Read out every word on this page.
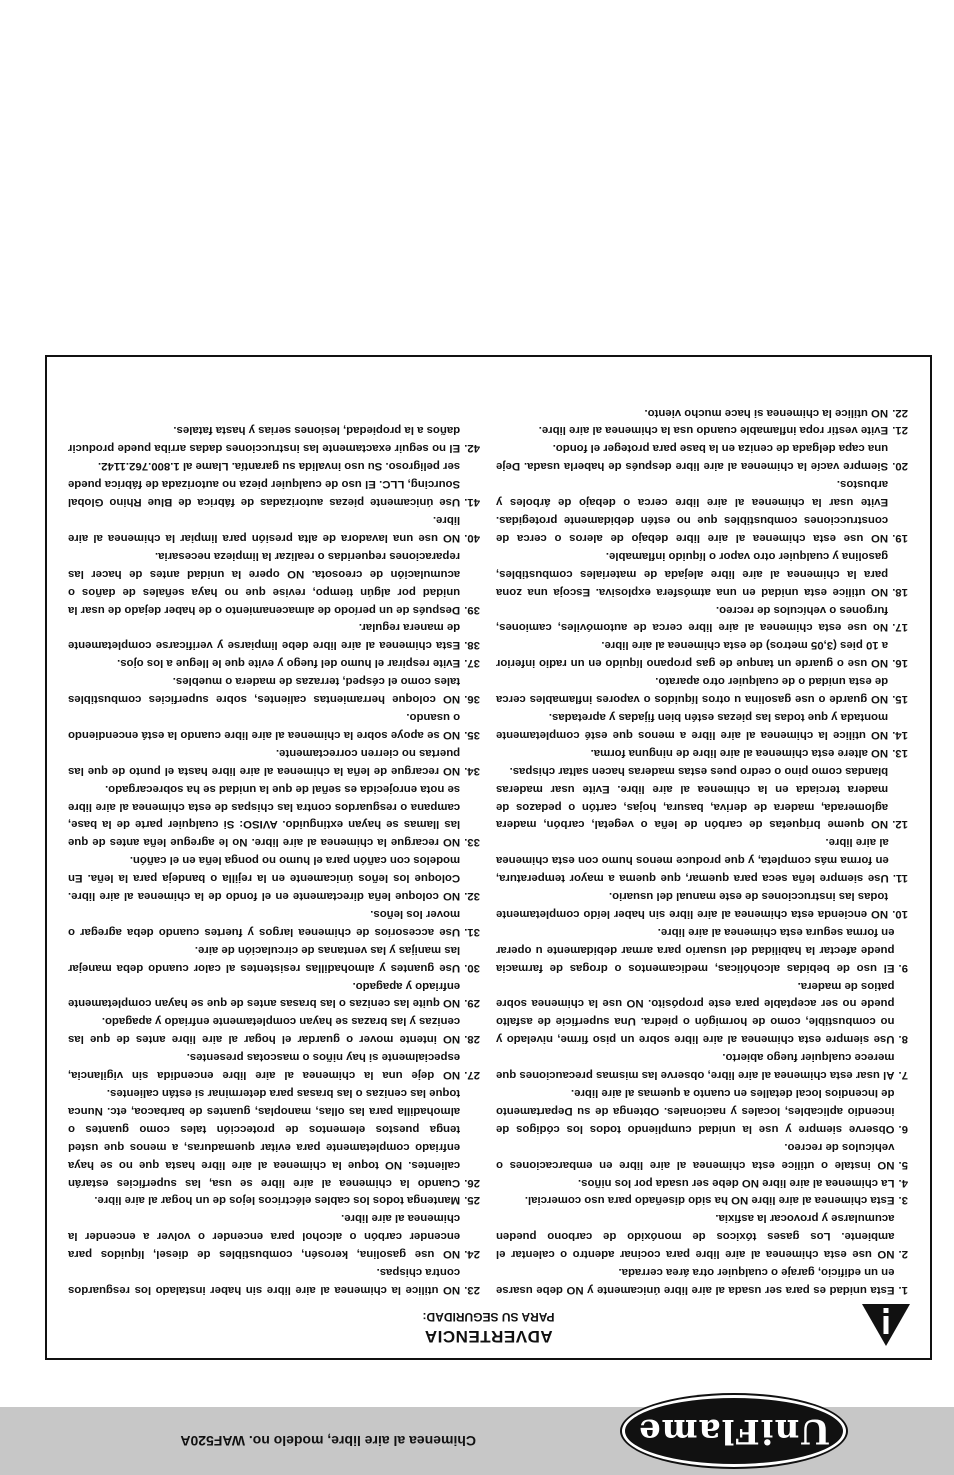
UniFlame
Chimenea al aire libre, modelo no. WAF520A
ADVERTENCIA
PARA SU SEGURIDAD:
1.
Esta unidad es para ser usada al aire libre únicamente y NO debe usarse en un edificio, garaje o cualquier otra área cerrada.
2.
NO use esta chimenea al aire libre para cocinar adentro o calentar el ambiente. Los gases tóxicos de monóxido de carbono pueden acumularse y provocar la asfixia.
3.
Esta chimenea al aire libre NO ha sido diseñado para uso comercial.
4.
La chimenea al aire libre NO debe ser usada por los niños.
5.
NO instale o utilice esta chimenea al aire libre en embarcaciones o vehículos de recreo.
6.
Observe siempre y use la unidad cumpliendo todos los códigos de incendio aplicables, locales y nacionales. Obtenga de su Departamento de Incendios local detalles en cuanto a quemas al aire libre.
7.
Al usar esta chimenea al aire libre, observe las mismas precauciones que merece cualquier fuego abierto.
8.
Use siempre esta chimenea al aire libre sobre un piso firme, nivelado y no combustible, como de hormigón o piedra. Una superficie de asfalto puede no ser aceptable para este propósito. NO use la chimenea sobre patios de madera.
9.
El uso de bebidas alcohólicas, medicamentos o drogas de farmacia puede afectar la habilidad del usuario para armar debidamente u operar en forma segura esta chimenea al aire libre.
10.
NO encienda esta chimenea al aire libre sin haber leído completamente todas las instrucciones de este manual del usuario.
11.
Use siempre leña seca para quemar, que quema a mayor temperatura, en forma más completa, y que produce menos humo con esta chimenea al aire libre.
12.
NO queme briquetas de carbón de leña o vegetal, carbón, madera aglomerada, madera de deriva, basura, hojas, cartón o pedazos de madera terciada en la chimenea al aire libre. Evite usar maderas blandas como pino o cedro pues estas maderas hacen saltar chispas.
13.
NO altere esta chimenea al aire libre de ninguna forma.
14.
NO utilice la chimenea al aire libre a menos que esté completamente montada y que todas las piezas estén bien fijadas y apretadas.
15.
NO guarde o use gasolina u otros líquidos o vapores inflamables cerca de esta unidad o de cualquier otro aparato.
16.
NO use o guarde un tanque de gas propano líquido en un radio inferior a 10 pies (3,05 metros) de esta chimenea al aire libre.
17.
No use esta chimenea al aire libre cerca de automóviles, camiones, furgones o vehículos de recreo.
18.
NO utilice esta unidad en una atmósfera explosiva. Escoja una zona para la chimenea al aire libre alejada de materiales combustibles, gasolina y cualquier otro vapor o líquido inflamable.
19.
NO use esta chimenea al aire libre debajo de aleros o cerca de construcciones combustibles que no estén debidamente protegidas. Evite usar la chimenea al aire libre cerca o debajo de árboles y arbustos.
20.
Siempre vacíe la chimenea al aire libre después de haberla usada. Deje una capa delgada de ceniza en la base para proteger el fondo.
21.
Evite vestir ropa inflamable cuando usa la chimenea al aire libre.
22.
NO utilice la chimenea si hace mucho viento.
23.
NO utilice la chimenea al aire libre sin haber instalado los resguardos contra chispas.
24.
NO use gasolina, kerosén, combustibles de diesel, líquidos para encender carbón o alcohol para encender o volver a encender la chimenea al aire libre.
25.
Mantenga todos los cables eléctricos lejos de un hogar al aire libre.
26.
Cuando la chimenea al aire libre se usa, las superficies estarán calientes. NO toque la chimenea al aire libre hasta que no se haya enfriado completamente para evitar quemaduras, a menos que usted tenga puestos elementos de protección tales como guantes o almohadilla para las ollas, manoplas, guantes de barbacoa, etc. Nunca toque las cenizas o las brasas para determinar si están calientes.
27.
NO deje una la chimenea al aire libre encendida sin vigilancia, especialmente si hay niños o mascotas presentes.
28.
NO intente mover o guardar el hogar al aire libre antes de que las cenizas y las brazas se hayan completamente enfriado y apagado.
29.
NO quite las cenizas o las brasas antes de que se hayan completamente enfriado y apagado.
30.
Use guantes y almohadillas resistentes al calor cuando deba manejar las manijas y las ventanas de circulación de aire.
31.
Use accesorios de chimenea largos y fuertes cuando deba agregar o mover los leños.
32.
NO coloque leña directamente en el fondo de la chimenea al aire libre. Coloque los leños únicamente en la rejilla o bandeja para la leña. En modelos con cañón para el humo no ponga leña en el cañón.
33.
NO recargue la chimenea al aire libre. No le agregue leña antes de que las llamas se hayan extinguido. AVISO: Si cualquier parte de la base, campana o resguardos contra las chispas de esta chimenea al aire libre se nota enrojecida es señal de que la unidad se ha sobrecargado.
34.
NO recargue de leña la chimenea al aire libre hasta el punto de que las puertas no cierren correctamente.
35.
NO se apoye sobre la chimenea al aire libre cuando la está encendiendo o usando.
36.
NO coloque herramientas calientes, sobre superficies combustibles tales como el césped, terrazas de madera o muebles.
37.
Evite respirar el humo del fuego y evite que le llegue a los ojos.
38.
Esta chimenea al aire libre debe limpiarse y verificarse completamente de manera regular.
39.
Después de un período de almacenamiento o de haber dejado de usar la unidad por algún tiempo, revise que no haya señales de daños o acumulación de creosota. NO opere la unidad antes de hacer las reparaciones requeridas o realizar la limpieza necesaria.
40.
NO use una lavadora de alta presión para limpiar la chimenea al aire libre.
41.
Use únicamente piezas autorizadas de fábrica de Blue Rhino Global Sourcing, LLC. El uso de cualquier pieza no autorizada de fábrica puede ser peligroso. Su uso invalida su garantía. Llame al 1.800.762.1142.
42.
El no seguir exactamente las instrucciones dadas arriba puede producir daños a la propiedad, lesiones serias y hasta fatales.
